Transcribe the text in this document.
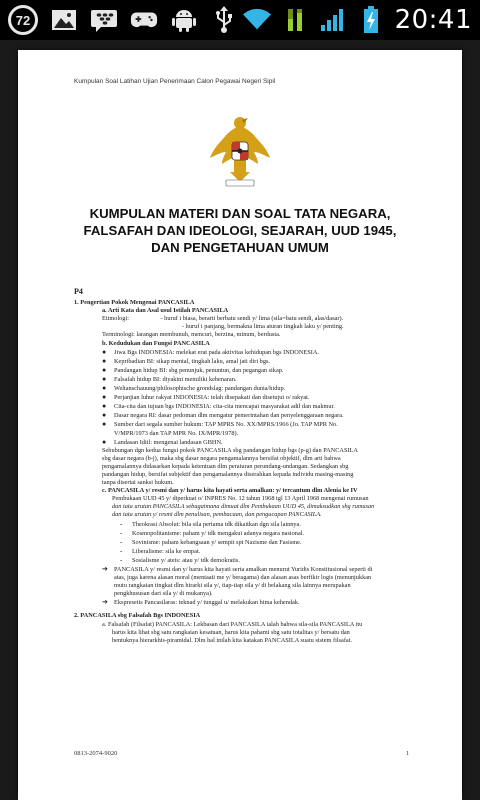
72	20:41
Kumpulan Soal Latihan Ujian Penerimaan Calon Pegawai Negeri Sipil
KUMPULAN MATERI DAN SOAL TATA NEGARA,
FALSAFAH DAN IDEOLOGI, SEJARAH, UUD 1945,
DAN PENGETAHUAN UMUM
P4
1. Pengertian Pokok Mengenai PANCASILA
a. Arti Kata dan Asal usul Istilah PANCASILA
Etimologi:	- huruf i biasa, berarti berbatu sendi y/ lima (sila=batu sendi, alas/dasar).
- huruf i panjang, bermakna lima aturan tingkah laku y/ penting.
Terminologi: larangan membunuh, mencuri, berzina, minum, berdusta.
b. Kedudukan dan Fungsi PANCASILA
● Jiwa Bgs INDONESIA: melekat erat pada aktivitas kehidupan bgs INDONESIA.
● Kepribadian BI: sikap mental, tingkah laku, amal jati diri bgs.
● Pandangan hidup BI: sbg penunjuk, penuntun, dan pegangan sikap.
● Falsafah hidup BI: diyakini memiliki kebenaran.
● Weltanschauung/philosophische grondslag: pandangan dunia/hidup.
● Perjanjian luhur rakyat INDONESIA: telah disepakati dan disetujui o/ rakyat.
● Cita-cita dan tujuan bgs INDONESIA: cita-cita mencapai masyarakat adil dan makmur.
● Dasar negara RI: dasar pedoman dlm mengatur pemerintahan dan penyelenggaraan negara.
● Sumber dari segala sumber hukum: TAP MPRS No. XX/MPRS/1966 (Jo. TAP MPR No.
V/MPR/1973 dan TAP MPR No. IX/MPR/1978).
● Landasan Idiil: mengenai landasan GBHN.
Sehubungan dgn kedua fungsi pokok PANCASILA sbg pandangan hidup bgs (p-g) dan PANCASILA
sbg dasar negara (b-j), maka sbg dasar negara pengamalannya bersifat objektif, dlm arti bahwa
pengamalannya didasarkan kepada ketentuan dlm peraturan perundang-undangan. Sedangkan sbg
pandangan hidup, bersifat subjektif dan pengamalannya diserahkan kepada individu masing-masing
tanpa disertai sanksi hukum.
c. PANCASILA y/ resmi dan y/ harus kita hayati serta amalkan: y/ tercantum dlm Alenia ke IV
Pembukaan UUD 45 y/ diperkuat o/ INPRES No. 12 tahun 1968 tgl 13 April 1968 mengenai rumusan
dan tata urutan PANCASILA sebagaimana dimuat dlm Pembukaan UUD 45, dimaksudkan sbg rumusan
dan tata urutan y/ resmi dlm penulisan, pembacaan, dan pengucapan PANCASILA.
- Theokrasi Absolut: bila sila pertama tdk dikaitkan dgn sila lainnya.
- Kosmopolitanisme: paham y/ tdk mengakui adanya negara nasional.
- Sovinisme: paham kebangsaan y/ sempit spt Nazisme dan Fasisme.
- Liberalisme: sila ke empat.
- Sosialisme y/ ateis: atau y/ tdk demokratis.
➔ PANCASILA y/ resmi dan y/ harus kita hayati serta amalkan menurut Yuridis Konstitusional seperti di
atas, juga karena alasan moral (mentaati me y/ beragama) dan alasan asas berfikir logis (menunjukkan
mutu rangkaian tingkat dlm hirarki sila y/, tiap-tiap sila y/ di belakang sila lainnya merupakan
pengkhususan dari sila y/ di mukanya).
➔ Ekspresetis Pancasilaras: teknad y/ tunggal u/ melakukan hima kehendak.
2. PANCASILA sbg Falsafah Bgs INDONESIA
a. Falsafah (Filsafat) PANCASILA: Lekbasan dari PANCASILA ialah bahwa sila-sila PANCASILA itu
harus kita lihat sbg satu rangkaian kesatuan, harus kita pahami sbg satu totalitas y/ bersatu dan
bentuknya hierarkhis-piramidal. Dlm hal inilah kita katakan PANCASILA suatu sistem filsafat.
0813-2074-9020	1
